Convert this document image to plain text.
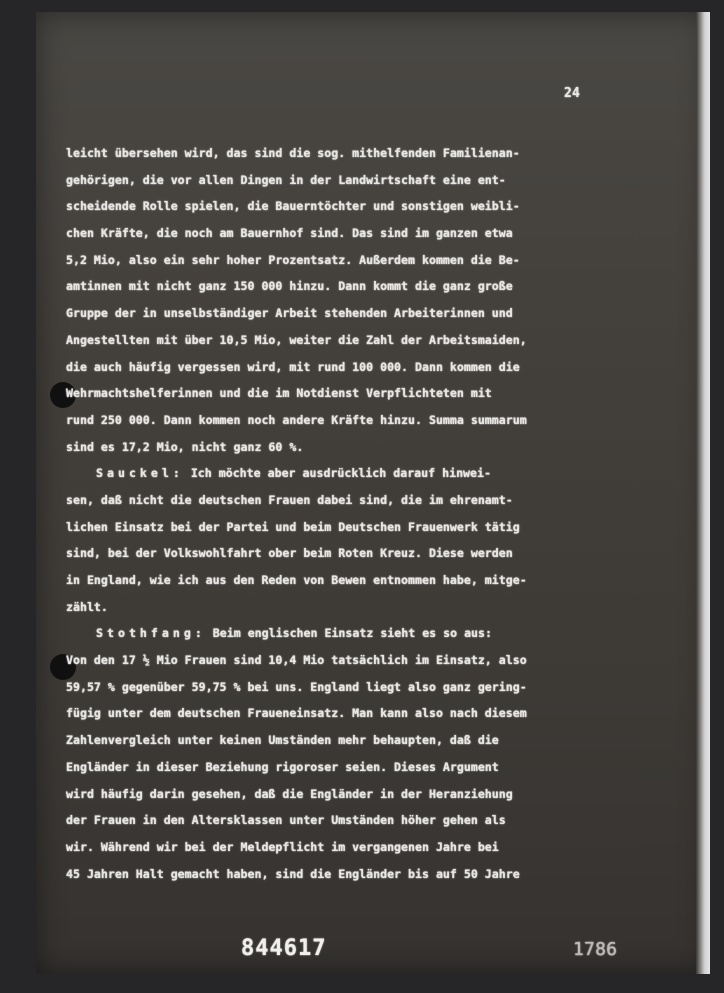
24
leicht übersehen wird, das sind die sog. mithelfenden Familienan-
gehörigen, die vor allen Dingen in der Landwirtschaft eine ent-
scheidende Rolle spielen, die Bauerntöchter und sonstigen weibli-
chen Kräfte, die noch am Bauernhof sind. Das sind im ganzen etwa
5,2 Mio, also ein sehr hoher Prozentsatz. Außerdem kommen die Be-
amtinnen mit nicht ganz 150 000 hinzu. Dann kommt die ganz große
Gruppe der in unselbständiger Arbeit stehenden Arbeiterinnen und
Angestellten mit über 10,5 Mio, weiter die Zahl der Arbeitsmaiden,
die auch häufig vergessen wird, mit rund 100 000. Dann kommen die
Wehrmachtshelferinnen und die im Notdienst Verpflichteten mit
rund 250 000. Dann kommen noch andere Kräfte hinzu. Summa summarum
sind es 17,2 Mio, nicht ganz 60 %.
Sauckel: Ich möchte aber ausdrücklich darauf hinwei-
sen, daß nicht die deutschen Frauen dabei sind, die im ehrenamt-
lichen Einsatz bei der Partei und beim Deutschen Frauenwerk tätig
sind, bei der Volkswohlfahrt ober beim Roten Kreuz. Diese werden
in England, wie ich aus den Reden von Bewen entnommen habe, mitge-
zählt.
Stothfang: Beim englischen Einsatz sieht es so aus:
Von den 17 ½ Mio Frauen sind 10,4 Mio tatsächlich im Einsatz, also
59,57 % gegenüber 59,75 % bei uns. England liegt also ganz gering-
fügig unter dem deutschen Fraueneinsatz. Man kann also nach diesem
Zahlenvergleich unter keinen Umständen mehr behaupten, daß die
Engländer in dieser Beziehung rigoroser seien. Dieses Argument
wird häufig darin gesehen, daß die Engländer in der Heranziehung
der Frauen in den Altersklassen unter Umständen höher gehen als
wir. Während wir bei der Meldepflicht im vergangenen Jahre bei
45 Jahren Halt gemacht haben, sind die Engländer bis auf 50 Jahre
844617	1786
